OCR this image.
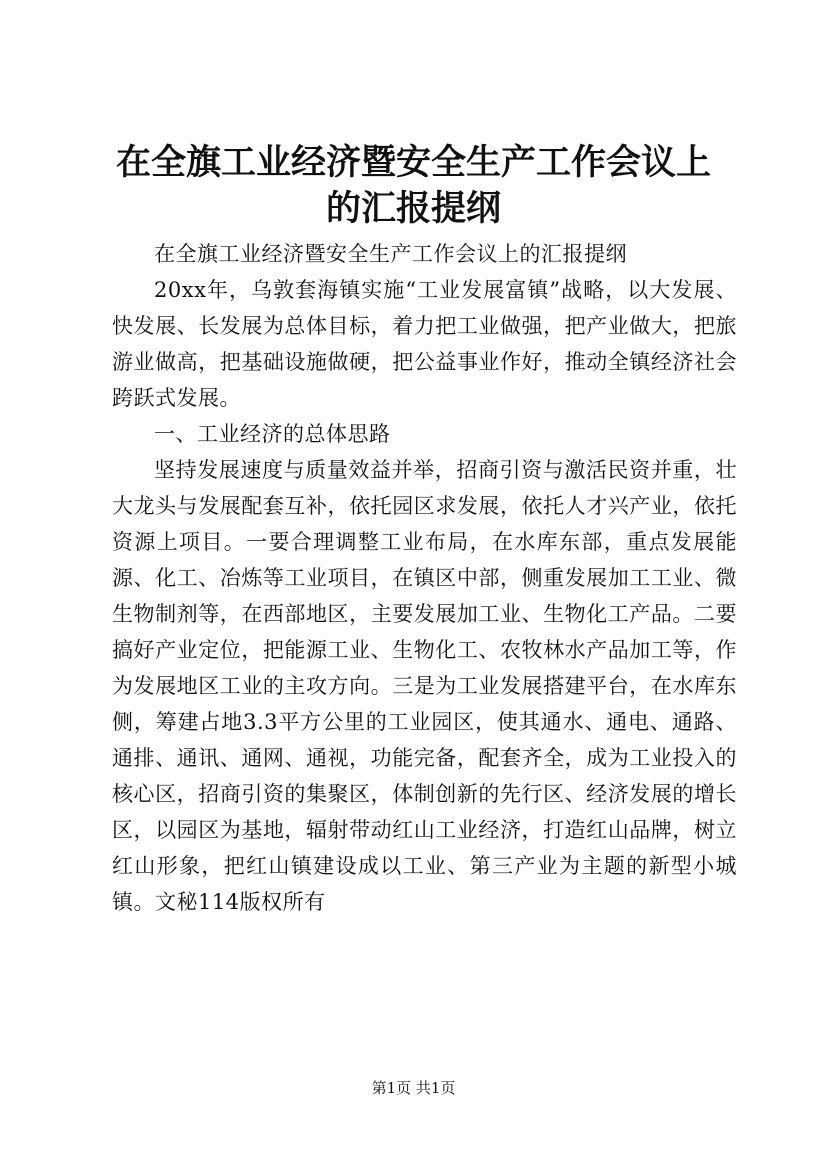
在全旗工业经济暨安全生产工作会议上的汇报提纲

在全旗工业经济暨安全生产工作会议上的汇报提纲

20xx年，乌敦套海镇实施“工业发展富镇”战略，以大发展、快发展、长发展为总体目标，着力把工业做强，把产业做大，把旅游业做高，把基础设施做硬，把公益事业作好，推动全镇经济社会跨跃式发展。

一、工业经济的总体思路

坚持发展速度与质量效益并举，招商引资与激活民资并重，壮大龙头与发展配套互补，依托园区求发展，依托人才兴产业，依托资源上项目。一要合理调整工业布局，在水库东部，重点发展能源、化工、冶炼等工业项目，在镇区中部，侧重发展加工工业、微生物制剂等，在西部地区，主要发展加工业、生物化工产品。二要搞好产业定位，把能源工业、生物化工、农牧林水产品加工等，作为发展地区工业的主攻方向。三是为工业发展搭建平台，在水库东侧，筹建占地3.3平方公里的工业园区，使其通水、通电、通路、通排、通讯、通网、通视，功能完备，配套齐全，成为工业投入的核心区，招商引资的集聚区，体制创新的先行区、经济发展的增长区，以园区为基地，辐射带动红山工业经济，打造红山品牌，树立红山形象，把红山镇建设成以工业、第三产业为主题的新型小城镇。文秘114版权所有

第1页 共1页
